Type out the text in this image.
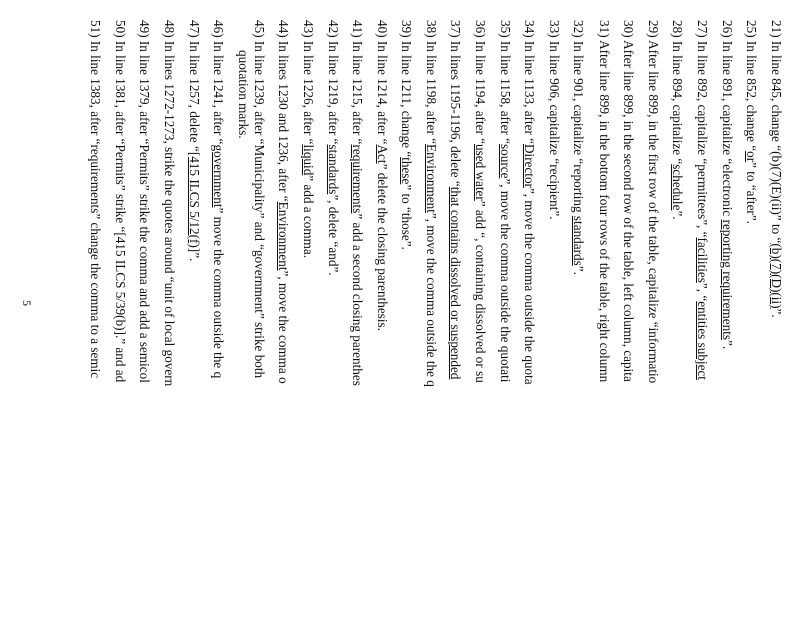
21) In line 845, change “(b)(7)(E)(ii)” to “(b)(7)(D)(ii)”.
25) In line 852, change “or” to “after”.
26) In line 891, capitalize “electronic reporting requirements”.
27) In line 892, capitalize “permittees”, “facilities”, “entities subject
28) In line 894, capitalize “schedule”.
29) After line 899, in the first row of the table, capitalize “informatio
30) After line 899, in the second row of the table, left column, capita
31) After line 899, in the bottom four rows of the table, right column
32) In line 901, capitalize “reporting standards”.
33) In line 906, capitalize “recipient”.
34) In line 1133, after “Director”, move the comma outside the quota
35) In line 1158, after “source”, move the comma outside the quotati
36) In line 1194, after “used water” add “, containing dissolved or su
37) In lines 1195-1196, delete “that contains dissolved or suspended
38) In line 1198, after “Environment”, move the comma outside the q
39) In line 1211, change “these” to “those”.
40) In line 1214, after “Act” delete the closing parenthesis.
41) In line 1215, after “requirements” add a second closing parenthes
42) In line 1219, after “standards”, delete “and”.
43) In line 1226, after “liquid” add a comma.
44) In lines 1230 and 1236, after “Environment”, move the comma o
45) In line 1239, after “Municipality” and “government” strike both
quotation marks.
46) In line 1241, after “government” move the comma outside the q
47) In line 1257, delete “[415 ILCS 5/12(f)]”.
48) In lines 1272-1273, strike the quotes around “unit of local govern
49) In line 1379, after “Permits” strike the comma and add a semicol
50) In line 1381, after “Permits” strike “[415 ILCS 5/39(b)].” and ad
51) In line 1383, after “requirements” change the comma to a semic
5
